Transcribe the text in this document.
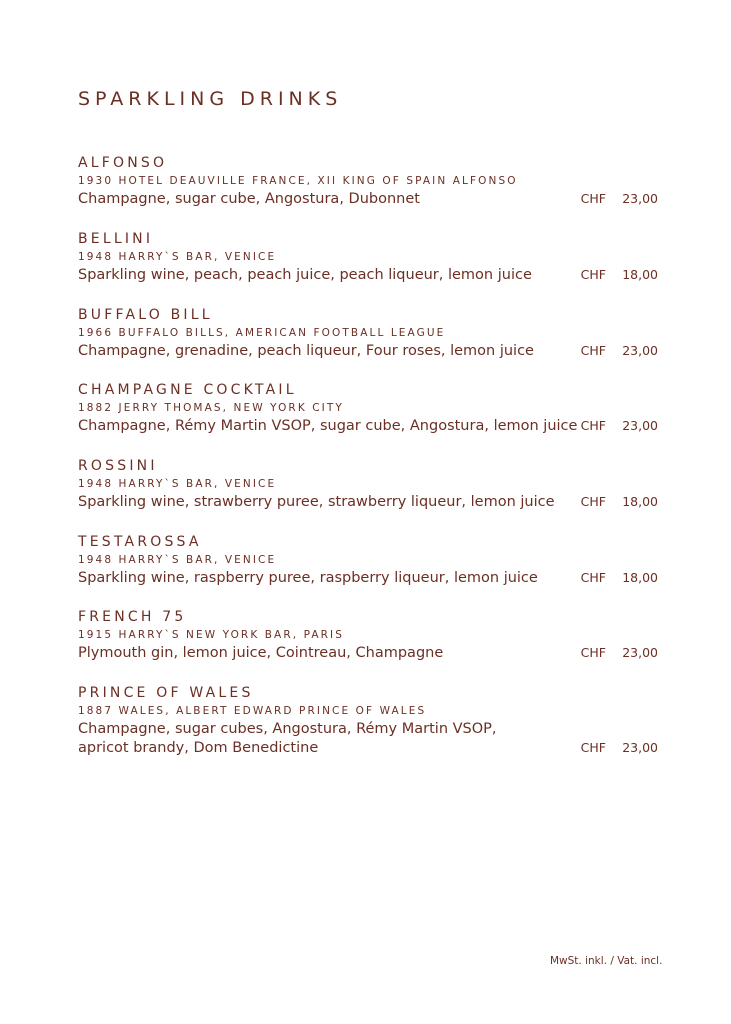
SPARKLING DRINKS
ALFONSO
1930 HOTEL DEAUVILLE FRANCE, XII KING OF SPAIN ALFONSO
Champagne, sugar cube, Angostura, Dubonnet	CHF 23,00
BELLINI
1948 HARRY`S BAR, VENICE
Sparkling wine, peach, peach juice, peach liqueur, lemon juice	CHF 18,00
BUFFALO BILL
1966 BUFFALO BILLS, AMERICAN FOOTBALL LEAGUE
Champagne, grenadine, peach liqueur, Four roses, lemon juice	CHF 23,00
CHAMPAGNE COCKTAIL
1882 JERRY THOMAS, NEW YORK CITY
Champagne, Rémy Martin VSOP, sugar cube, Angostura, lemon juice CHF 23,00
ROSSINI
1948 HARRY`S BAR, VENICE
Sparkling wine, strawberry puree, strawberry liqueur, lemon juice	CHF 18,00
TESTAROSSA
1948 HARRY`S BAR, VENICE
Sparkling wine, raspberry puree, raspberry liqueur, lemon juice	CHF 18,00
FRENCH 75
1915 HARRY`S NEW YORK BAR, PARIS
Plymouth gin, lemon juice, Cointreau, Champagne	CHF 23,00
PRINCE OF WALES
1887 WALES, ALBERT EDWARD PRINCE OF WALES
Champagne, sugar cubes, Angostura, Rémy Martin VSOP, apricot brandy, Dom Benedictine	CHF 23,00
MwSt. inkl. / Vat. incl.
